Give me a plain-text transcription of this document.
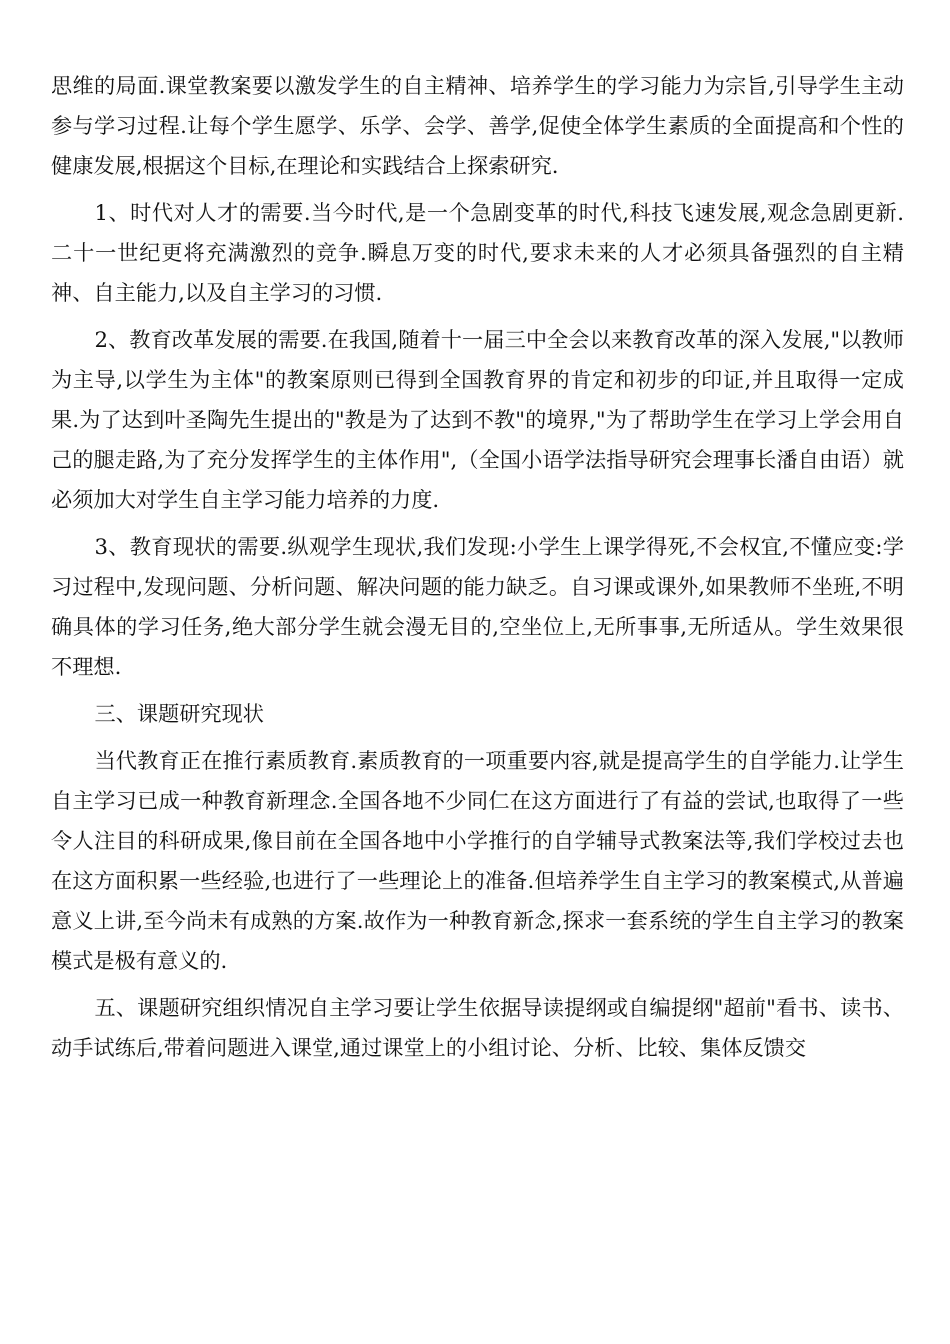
思维的局面.课堂教案要以激发学生的自主精神、培养学生的学习能力为宗旨,引导学生主动参与学习过程.让每个学生愿学、乐学、会学、善学,促使全体学生素质的全面提高和个性的健康发展,根据这个目标,在理论和实践结合上探索研究.

1、时代对人才的需要.当今时代,是一个急剧变革的时代,科技飞速发展,观念急剧更新.二十一世纪更将充满激烈的竞争.瞬息万变的时代,要求未来的人才必须具备强烈的自主精神、自主能力,以及自主学习的习惯.

2、教育改革发展的需要.在我国,随着十一届三中全会以来教育改革的深入发展,"以教师为主导,以学生为主体"的教案原则已得到全国教育界的肯定和初步的印证,并且取得一定成果.为了达到叶圣陶先生提出的"教是为了达到不教"的境界,"为了帮助学生在学习上学会用自己的腿走路,为了充分发挥学生的主体作用",（全国小语学法指导研究会理事长潘自由语）就必须加大对学生自主学习能力培养的力度.

3、教育现状的需要.纵观学生现状,我们发现:小学生上课学得死,不会权宜,不懂应变:学习过程中,发现问题、分析问题、解决问题的能力缺乏。自习课或课外,如果教师不坐班,不明确具体的学习任务,绝大部分学生就会漫无目的,空坐位上,无所事事,无所适从。学生效果很不理想.

三、课题研究现状

当代教育正在推行素质教育.素质教育的一项重要内容,就是提高学生的自学能力.让学生自主学习已成一种教育新理念.全国各地不少同仁在这方面进行了有益的尝试,也取得了一些令人注目的科研成果,像目前在全国各地中小学推行的自学辅导式教案法等,我们学校过去也在这方面积累一些经验,也进行了一些理论上的准备.但培养学生自主学习的教案模式,从普遍意义上讲,至今尚未有成熟的方案.故作为一种教育新念,探求一套系统的学生自主学习的教案模式是极有意义的.

五、课题研究组织情况自主学习要让学生依据导读提纲或自编提纲"超前"看书、读书、动手试练后,带着问题进入课堂,通过课堂上的小组讨论、分析、比较、集体反馈交
